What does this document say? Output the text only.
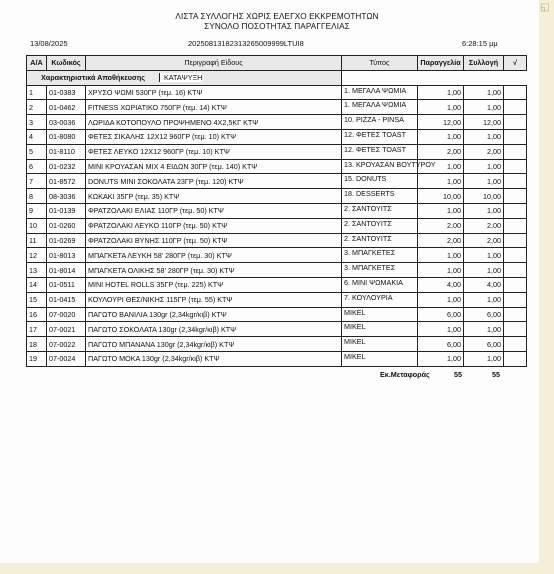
◱
ΛΙΣΤΑ ΣΥΛΛΟΓΗΣ ΧΩΡΙΣ ΕΛΕΓΧΟ ΕΚΚΡΕΜΟΤΗΤΩΝ
ΣΥΝΟΛΟ ΠΟΣΟΤΗΤΑΣ ΠΑΡΑΓΓΕΛΙΑΣ
13/08/2025	20250813182313265009999LTUI8	6:28:15 μμ
Α/Α	Κωδικός	Περιγραφή Είδους	Τύπος	Παραγγελία	Συλλογή	√
Χαρακτηριστικά Αποθήκευσης ΚΑΤΑΨΥΞΗ						
1	01-0383	ΧΡΥΣΟ ΨΩΜΙ 530ΓΡ (τεμ. 16) ΚΤΨ	1. ΜΕΓΑΛΑ ΨΩΜΙΑ	1,00	1,00	
2	01-0462	FITNESS ΧΩΡΙΑΤΙΚΟ 750ΓΡ (τεμ. 14) ΚΤΨ	1. ΜΕΓΑΛΑ ΨΩΜΙΑ	1,00	1,00	
3	03-0036	ΛΩΡΙΔΑ ΚΟΤΟΠΟΥΛΟ ΠΡΟΨΗΜΕΝΟ 4Χ2,5ΚΓ ΚΤΨ	10. PIZZA - PINSA	12,00	12,00	
4	01-8080	ΦΕΤΕΣ ΣΙΚΑΛΗΣ 12Χ12 960ΓΡ (τεμ. 10) ΚΤΨ	12. ΦΕΤΕΣ TOAST	1,00	1,00	
5	01-8110	ΦΕΤΕΣ ΛΕΥΚΟ 12Χ12 960ΓΡ (τεμ. 10) ΚΤΨ	12. ΦΕΤΕΣ TOAST	2,00	2,00	
6	01-0232	MINI ΚΡΟΥΑΣΑΝ MIX 4 ΕΙΔΩΝ 30ΓΡ (τεμ. 140) ΚΤΨ	13. ΚΡΟΥΑΣΑΝ ΒΟΥΤΥΡΟΥ	1,00	1,00	
7	01-8572	DONUTS MINI ΣΟΚΟΛΑΤΑ 23ΓΡ (τεμ. 120) ΚΤΨ	15. DONUTS	1,00	1,00	
8	08-3036	ΚΩΚΑΚΙ 35ΓΡ (τεμ. 35) ΚΤΨ	18. DESSERTS	10,00	10,00	
9	01-0139	ΦΡΑΤΖΟΛΑΚΙ ΕΛΙΑΣ 110ΓΡ (τεμ. 50) ΚΤΨ	2. ΣΑΝΤΟΥΙΤΣ	1,00	1,00	
10	01-0260	ΦΡΑΤΖΟΛΑΚΙ ΛΕΥΚΟ 110ΓΡ (τεμ. 50) ΚΤΨ	2. ΣΑΝΤΟΥΙΤΣ	2,00	2,00	
11	01-0269	ΦΡΑΤΖΟΛΑΚΙ ΒΥΝΗΣ 110ΓΡ (τεμ. 50) ΚΤΨ	2. ΣΑΝΤΟΥΙΤΣ	2,00	2,00	
12	01-8013	ΜΠΑΓΚΕΤΑ ΛΕΥΚΗ 58' 280ΓΡ (τεμ. 30) ΚΤΨ	3. ΜΠΑΓΚΕΤΕΣ	1,00	1,00	
13	01-8014	ΜΠΑΓΚΕΤΑ ΟΛΙΚΗΣ 58' 280ΓΡ (τεμ. 30) ΚΤΨ	3. ΜΠΑΓΚΕΤΕΣ	1,00	1,00	
14	01-0511	MINI HOTEL ROLLS 35ΓΡ (τεμ. 225) ΚΤΨ	6. MINI ΨΩΜΑΚΙΑ	4,00	4,00	
15	01-0415	ΚΟΥΛΟΥΡΙ ΘΕΣ/ΝΙΚΗΣ 115ΓΡ (τεμ. 55) ΚΤΨ	7. ΚΟΥΛΟΥΡΙΑ	1,00	1,00	
16	07-0020	ΠΑΓΩΤΟ ΒΑΝΙΛΙΑ 130gr (2,34kgr/κιβ) ΚΤΨ	MIKEL	6,00	6,00	
17	07-0021	ΠΑΓΩΤΟ ΣΟΚΟΛΑΤΑ 130gr (2,34kgr/κιβ) ΚΤΨ	MIKEL	1,00	1,00	
18	07-0022	ΠΑΓΩΤΟ ΜΠΑΝΑΝΑ 130gr (2,34kgr/κιβ) ΚΤΨ	MIKEL	6,00	6,00	
19	07-0024	ΠΑΓΩΤΟ ΜΟΚΑ 130gr (2,34kgr/κιβ) ΚΤΨ	MIKEL	1,00	1,00	
Εκ.Μεταφοράς	55	55
